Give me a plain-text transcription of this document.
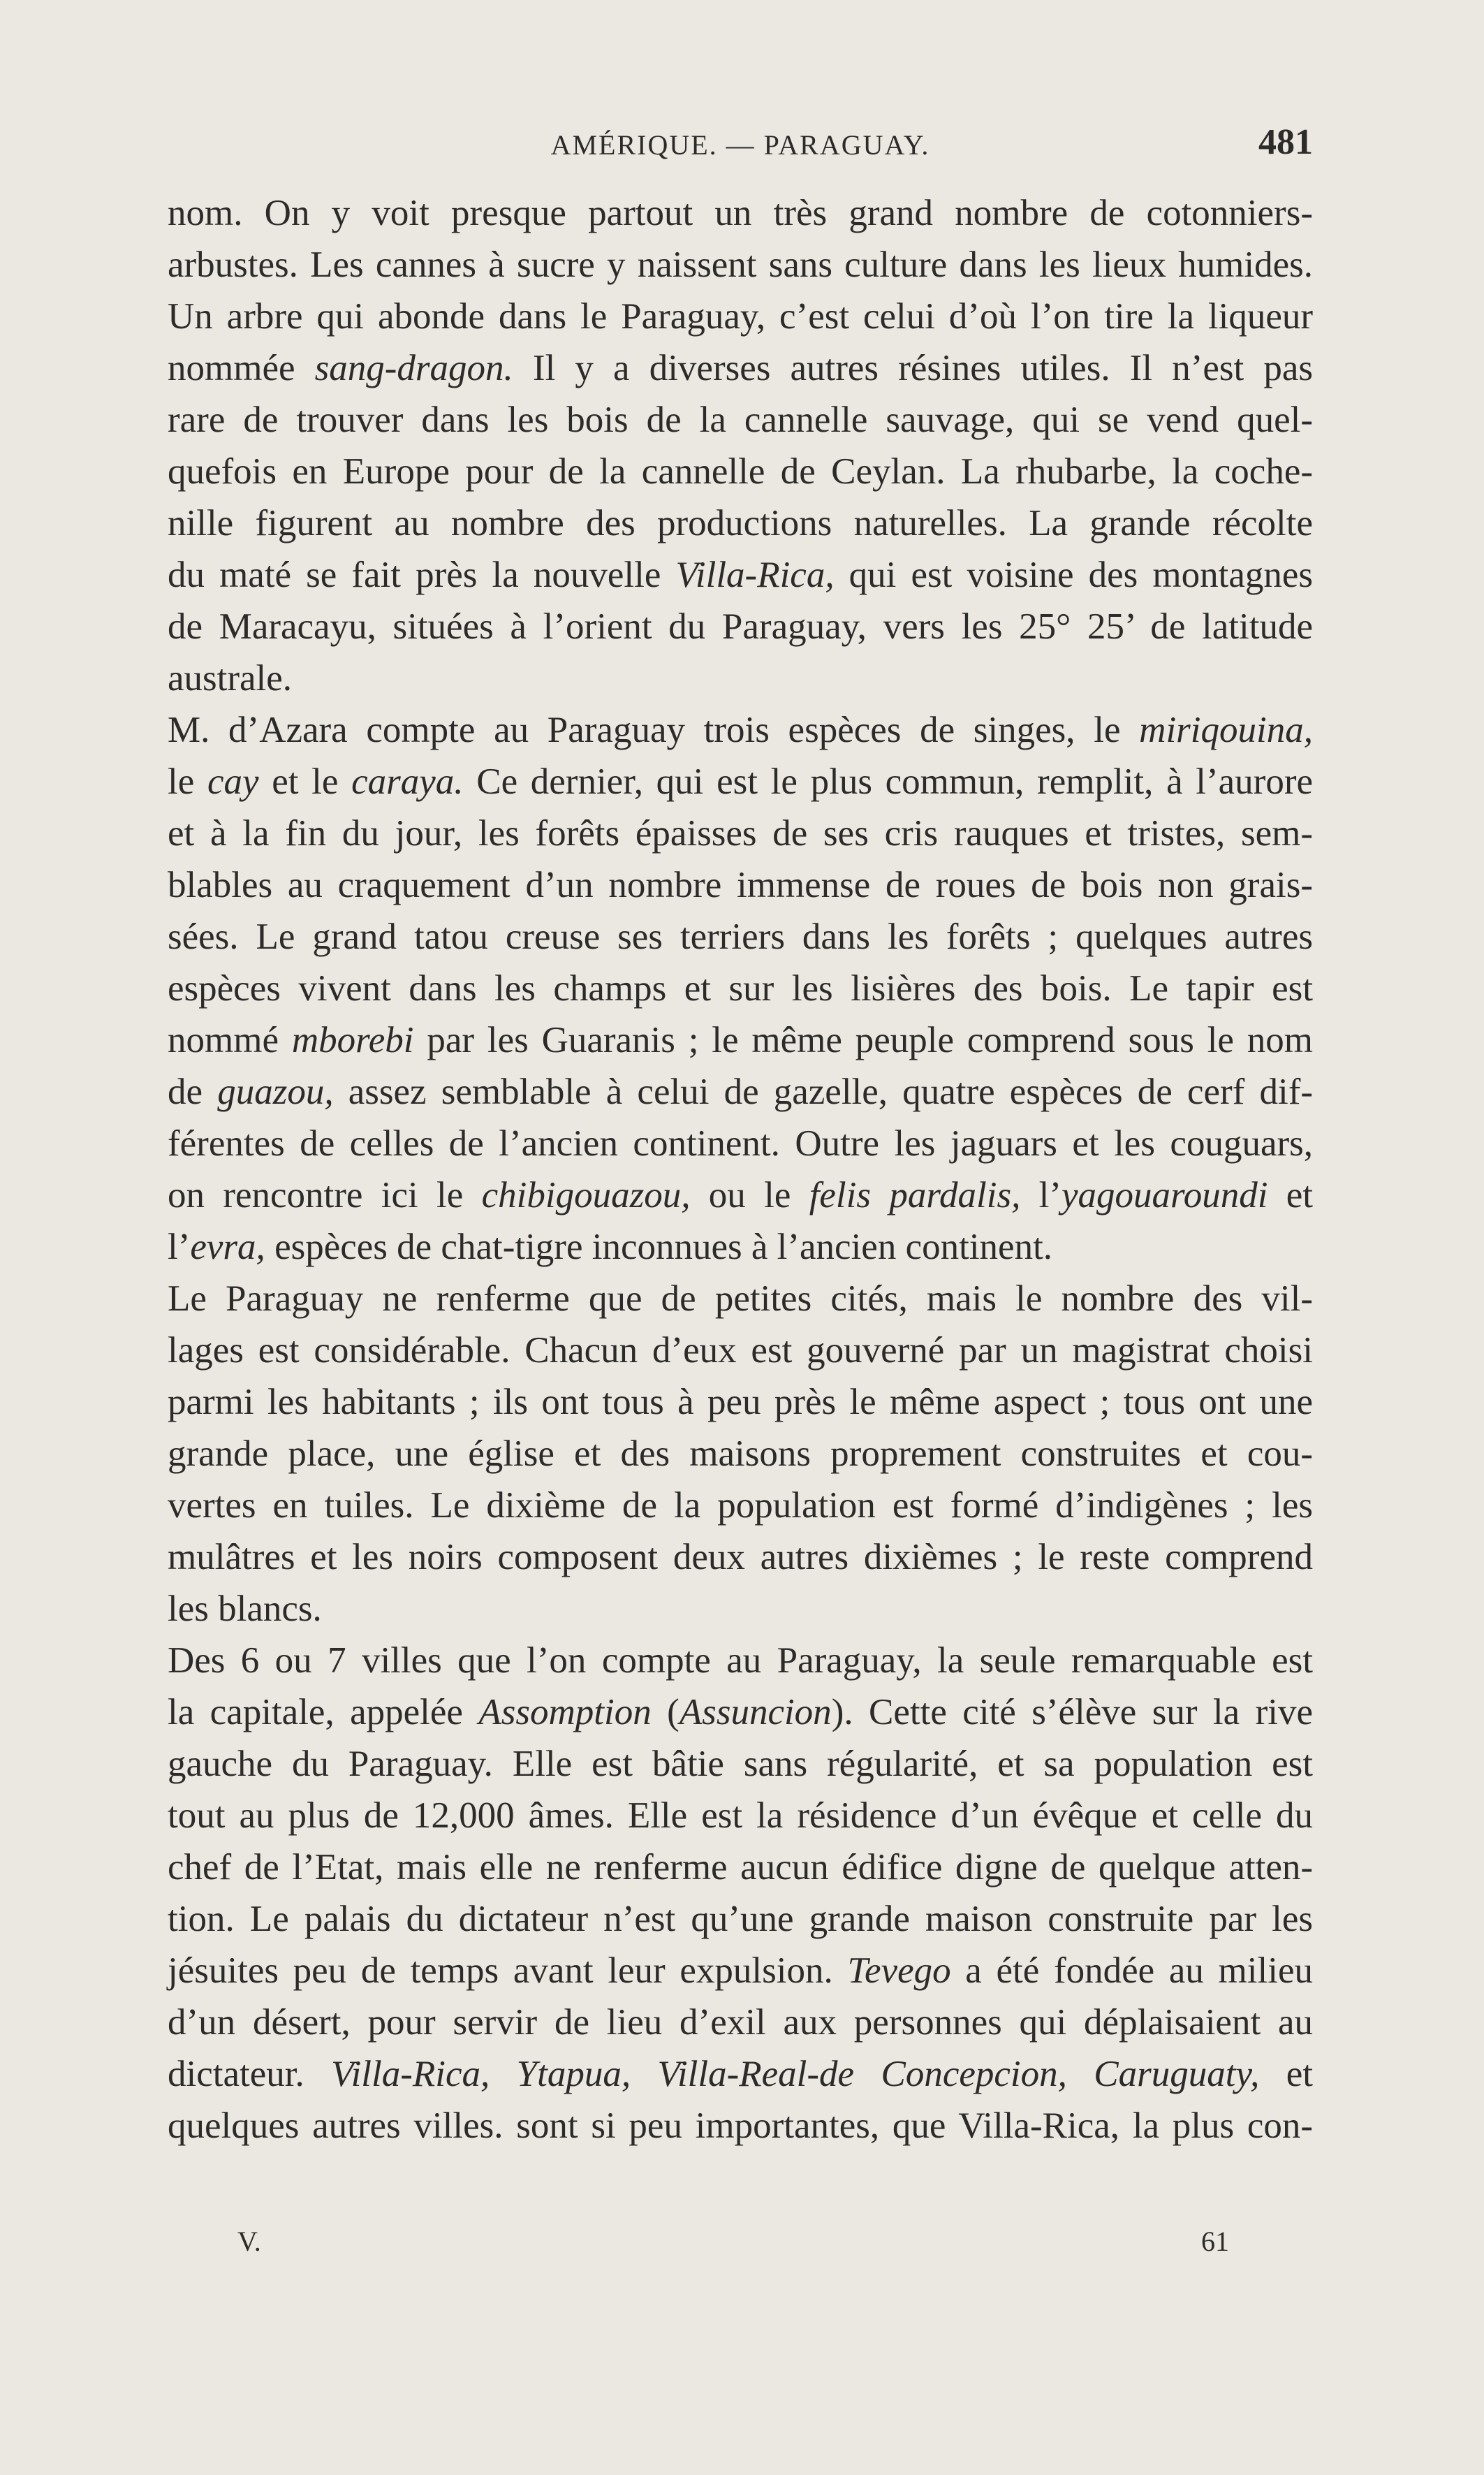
AMÉRIQUE. — PARAGUAY.	481
nom. On y voit presque partout un très grand nombre de cotonniers-
arbustes. Les cannes à sucre y naissent sans culture dans les lieux humides.
Un arbre qui abonde dans le Paraguay, c’est celui d’où l’on tire la liqueur
nommée sang-dragon. Il y a diverses autres résines utiles. Il n’est pas
rare de trouver dans les bois de la cannelle sauvage, qui se vend quel-
quefois en Europe pour de la cannelle de Ceylan. La rhubarbe, la coche-
nille figurent au nombre des productions naturelles. La grande récolte
du maté se fait près la nouvelle Villa-Rica, qui est voisine des montagnes
de Maracayu, situées à l’orient du Paraguay, vers les 25° 25’ de latitude
australe.
M. d’Azara compte au Paraguay trois espèces de singes, le miriqouina,
le cay et le caraya. Ce dernier, qui est le plus commun, remplit, à l’aurore
et à la fin du jour, les forêts épaisses de ses cris rauques et tristes, sem-
blables au craquement d’un nombre immense de roues de bois non grais-
sées. Le grand tatou creuse ses terriers dans les forêts ; quelques autres
espèces vivent dans les champs et sur les lisières des bois. Le tapir est
nommé mborebi par les Guaranis ; le même peuple comprend sous le nom
de guazou, assez semblable à celui de gazelle, quatre espèces de cerf dif-
férentes de celles de l’ancien continent. Outre les jaguars et les couguars,
on rencontre ici le chibigouazou, ou le felis pardalis, l’yagouaroundi et
l’evra, espèces de chat-tigre inconnues à l’ancien continent.
Le Paraguay ne renferme que de petites cités, mais le nombre des vil-
lages est considérable. Chacun d’eux est gouverné par un magistrat choisi
parmi les habitants ; ils ont tous à peu près le même aspect ; tous ont une
grande place, une église et des maisons proprement construites et cou-
vertes en tuiles. Le dixième de la population est formé d’indigènes ; les
mulâtres et les noirs composent deux autres dixièmes ; le reste comprend
les blancs.
Des 6 ou 7 villes que l’on compte au Paraguay, la seule remarquable est
la capitale, appelée Assomption (Assuncion). Cette cité s’élève sur la rive
gauche du Paraguay. Elle est bâtie sans régularité, et sa population est
tout au plus de 12,000 âmes. Elle est la résidence d’un évêque et celle du
chef de l’Etat, mais elle ne renferme aucun édifice digne de quelque atten-
tion. Le palais du dictateur n’est qu’une grande maison construite par les
jésuites peu de temps avant leur expulsion. Tevego a été fondée au milieu
d’un désert, pour servir de lieu d’exil aux personnes qui déplaisaient au
dictateur. Villa-Rica, Ytapua, Villa-Real-de Concepcion, Caruguaty, et
quelques autres villes. sont si peu importantes, que Villa-Rica, la plus con-
V.	61
